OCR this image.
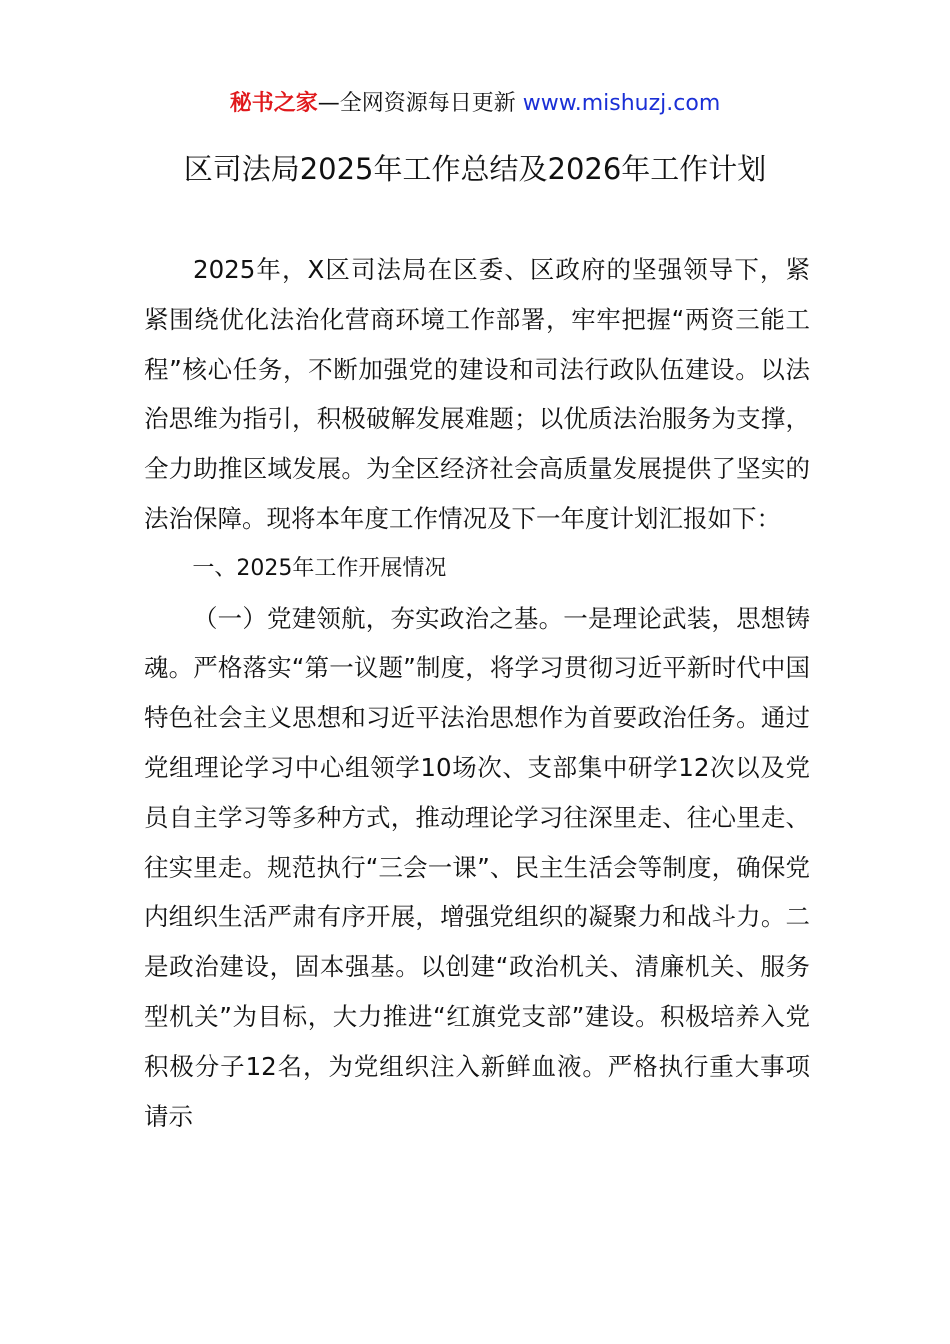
秘书之家—全网资源每日更新 www.mishuzj.com
区司法局2025年工作总结及2026年工作计划

2025年，X区司法局在区委、区政府的坚强领导下，紧紧围绕优化法治化营商环境工作部署，牢牢把握“两资三能工程”核心任务，不断加强党的建设和司法行政队伍建设。以法治思维为指引，积极破解发展难题；以优质法治服务为支撑，全力助推区域发展。为全区经济社会高质量发展提供了坚实的法治保障。现将本年度工作情况及下一年度计划汇报如下：

一、2025年工作开展情况

（一）党建领航，夯实政治之基。一是理论武装，思想铸魂。严格落实“第一议题”制度，将学习贯彻习近平新时代中国特色社会主义思想和习近平法治思想作为首要政治任务。通过党组理论学习中心组领学10场次、支部集中研学12次以及党员自主学习等多种方式，推动理论学习往深里走、往心里走、往实里走。规范执行“三会一课”、民主生活会等制度，确保党内组织生活严肃有序开展，增强党组织的凝聚力和战斗力。二是政治建设，固本强基。以创建“政治机关、清廉机关、服务型机关”为目标，大力推进“红旗党支部”建设。积极培养入党积极分子12名，为党组织注入新鲜血液。严格执行重大事项请示
